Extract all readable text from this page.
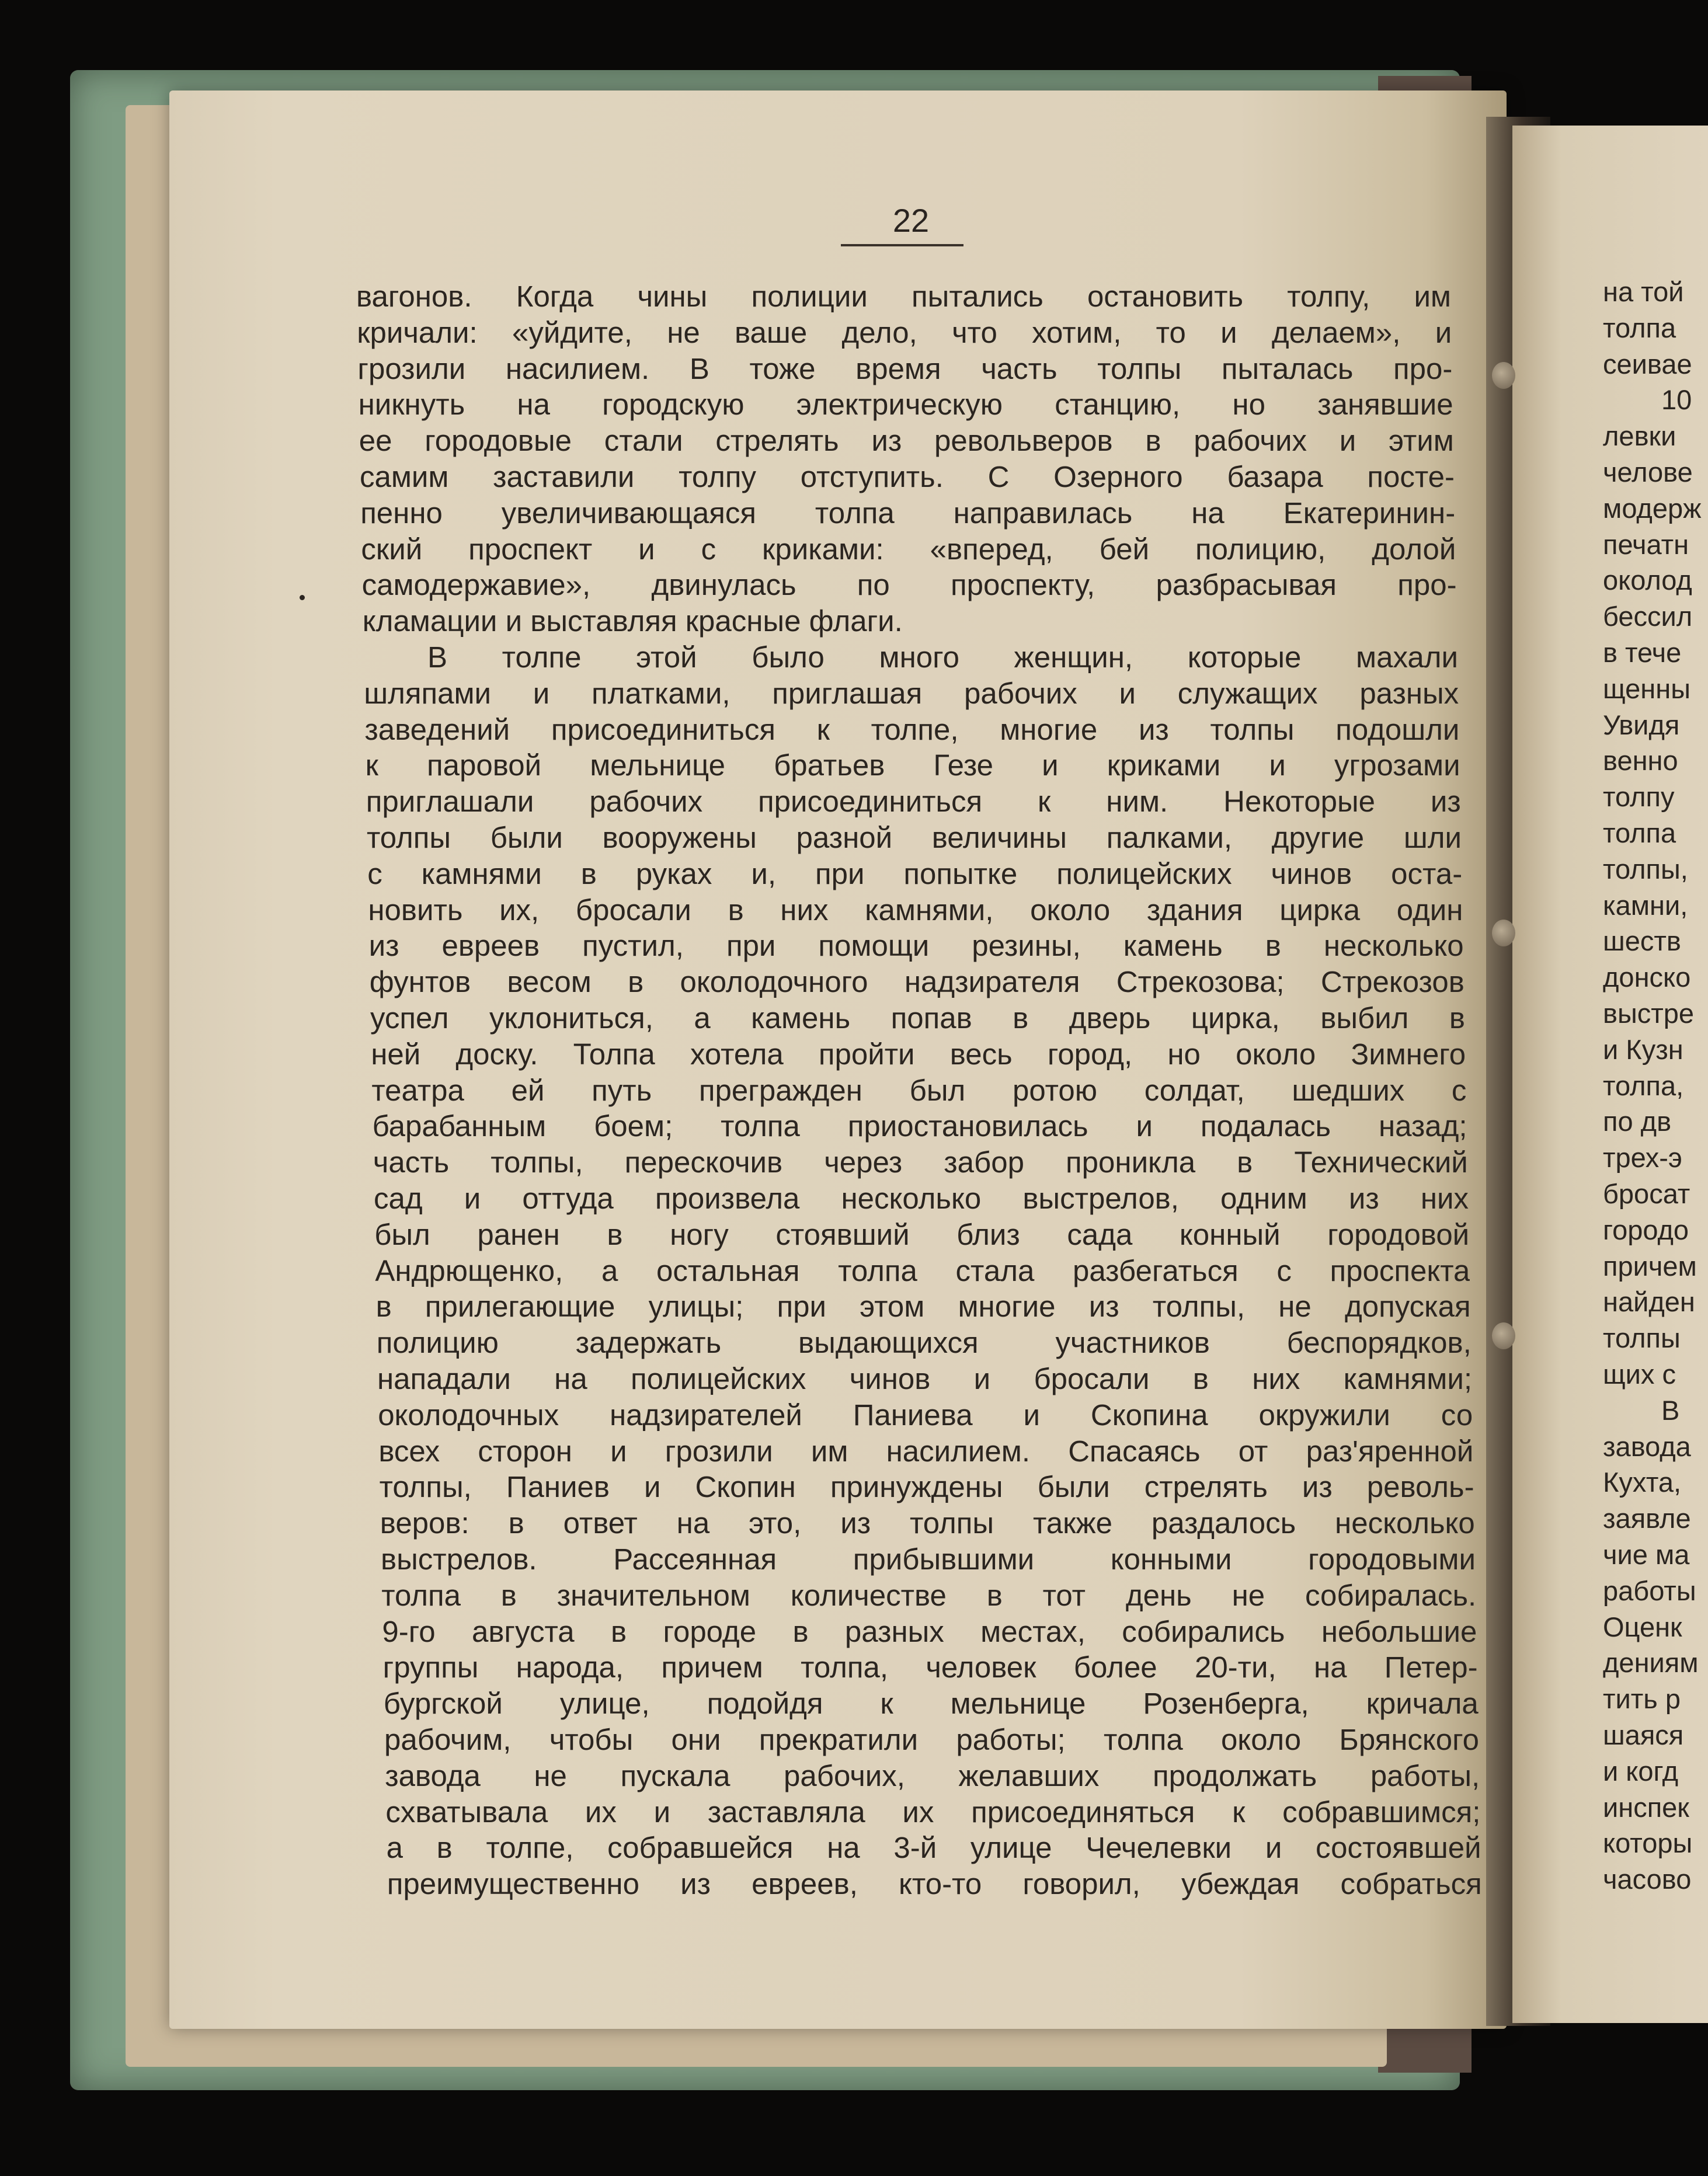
22
вагонов. Когда чины полиции пытались остановить толпу, им
кричали: «уйдите, не ваше дело, что хотим, то и делаем», и
грозили насилием. В тоже время часть толпы пыталась про-
никнуть на городскую электрическую станцию, но занявшие
ее городовые стали стрелять из револьверов в рабочих и этим
самим заставили толпу отступить. С Озерного базара посте-
пенно увеличивающаяся толпа направилась на Екатеринин-
ский проспект и с криками: «вперед, бей полицию, долой
самодержавие», двинулась по проспекту, разбрасывая про-
кламации и выставляя красные флаги.
В толпе этой было много женщин, которые махали
шляпами и платками, приглашая рабочих и служащих разных
заведений присоединиться к толпе, многие из толпы подошли
к паровой мельнице братьев Гезе и криками и угрозами
приглашали рабочих присоединиться к ним. Некоторые из
толпы были вооружены разной величины палками, другие шли
с камнями в руках и, при попытке полицейских чинов оста-
новить их, бросали в них камнями, около здания цирка один
из евреев пустил, при помощи резины, камень в несколько
фунтов весом в околодочного надзирателя Стрекозова; Стрекозов
успел уклониться, а камень попав в дверь цирка, выбил в
ней доску. Толпа хотела пройти весь город, но около Зимнего
театра ей путь прегражден был ротою солдат, шедших с
барабанным боем; толпа приостановилась и подалась назад;
часть толпы, перескочив через забор проникла в Технический
сад и оттуда произвела несколько выстрелов, одним из них
был ранен в ногу стоявший близ сада конный городовой
Андрющенко, а остальная толпа стала разбегаться с проспекта
в прилегающие улицы; при этом многие из толпы, не допуская
полицию задержать выдающихся участников беспорядков,
нападали на полицейских чинов и бросали в них камнями;
околодочных надзирателей Паниева и Скопина окружили со
всех сторон и грозили им насилием. Спасаясь от раз'яренной
толпы, Паниев и Скопин принуждены были стрелять из револь-
веров: в ответ на это, из толпы также раздалось несколько
выстрелов. Рассеянная прибывшими конными городовыми
толпа в значительном количестве в тот день не собиралась.
9-го августа в городе в разных местах, собирались небольшие
группы народа, причем толпа, человек более 20-ти, на Петер-
бургской улице, подойдя к мельнице Розенберга, кричала
рабочим, чтобы они прекратили работы; толпа около Брянского
завода не пускала рабочих, желавших продолжать работы,
схватывала их и заставляла их присоединяться к собравшимся;
а в толпе, собравшейся на 3-й улице Чечелевки и состоявшей
преимущественно из евреев, кто-то говорил, убеждая собраться
на той
толпа
сеивае
10
левки
челове
модерж
печатн
околод
бессил
в тече
щенны
Увидя
венно
толпу
толпа
толпы,
камни,
шеств
донско
выстре
и Кузн
толпа,
по дв
трех-э
бросат
городо
причем
найден
толпы
щих с
В
завода
Кухта,
заявле
чие ма
работы
Оценк
дениям
тить р
шаяся
и когд
инспек
которы
часово
